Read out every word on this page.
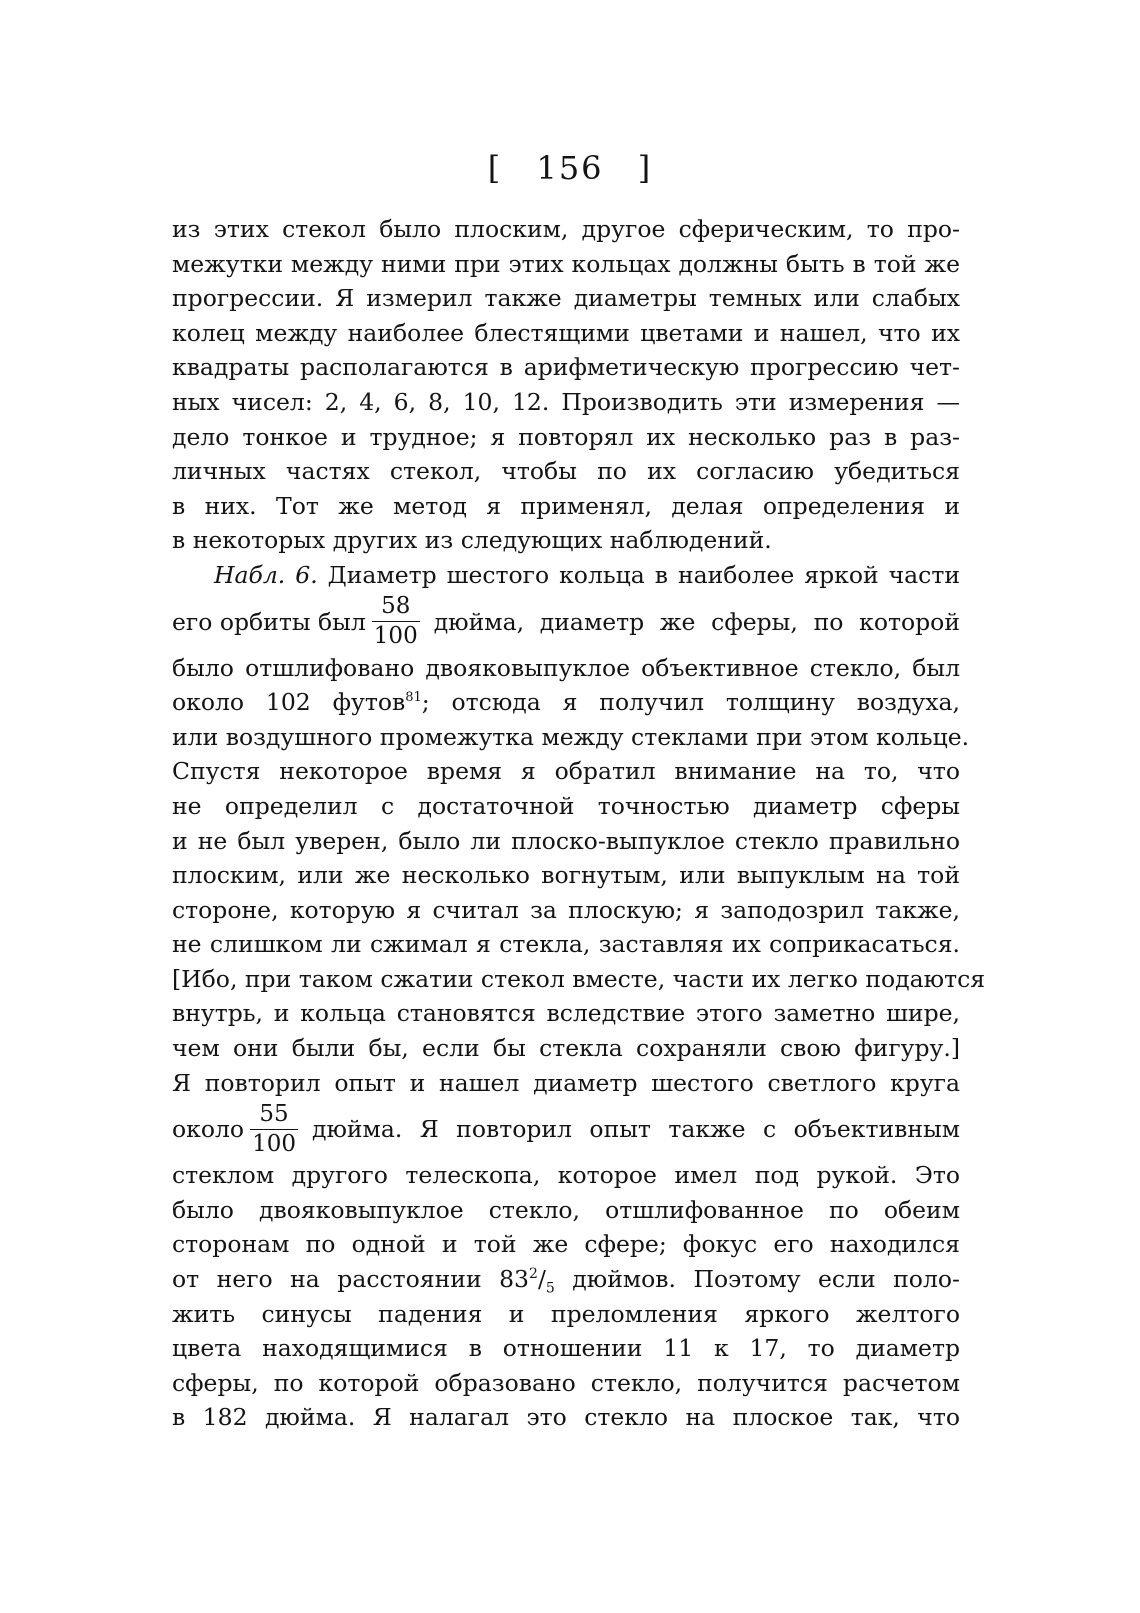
[ 156 ]
из этих стекол было плоским, другое сферическим, то про-
межутки между ними при этих кольцах должны быть в той же
прогрессии. Я измерил также диаметры темных или слабых
колец между наиболее блестящими цветами и нашел, что их
квадраты располагаются в арифметическую прогрессию чет-
ных чисел: 2, 4, 6, 8, 10, 12. Производить эти измерения —
дело тонкое и трудное; я повторял их несколько раз в раз-
личных частях стекол, чтобы по их согласию убедиться
в них. Тот же метод я применял, делая определения и
в некоторых других из следующих наблюдений.
Набл. 6. Диаметр шестого кольца в наиболее яркой части
его орбиты был $\frac{58}{100}$ дюйма, диаметр же сферы, по которой
было отшлифовано двояковыпуклое объективное стекло, был
около 102 футов$^{81}$; отсюда я получил толщину воздуха,
или воздушного промежутка между стеклами при этом кольце.
Спустя некоторое время я обратил внимание на то, что
не определил с достаточной точностью диаметр сферы
и не был уверен, было ли плоско-выпуклое стекло правильно
плоским, или же несколько вогнутым, или выпуклым на той
стороне, которую я считал за плоскую; я заподозрил также,
не слишком ли сжимал я стекла, заставляя их соприкасаться.
[Ибо, при таком сжатии стекол вместе, части их легко подаются
внутрь, и кольца становятся вследствие этого заметно шире,
чем они были бы, если бы стекла сохраняли свою фигуру.]
Я повторил опыт и нашел диаметр шестого светлого круга
около $\frac{55}{100}$ дюйма. Я повторил опыт также с объективным
стеклом другого телескопа, которое имел под рукой. Это
было двояковыпуклое стекло, отшлифованное по обеим
сторонам по одной и той же сфере; фокус его находился
от него на расстоянии $83^2/_5$ дюймов. Поэтому если поло-
жить синусы падения и преломления яркого желтого
цвета находящимися в отношении 11 к 17, то диаметр
сферы, по которой образовано стекло, получится расчетом
в 182 дюйма. Я налагал это стекло на плоское так, что
